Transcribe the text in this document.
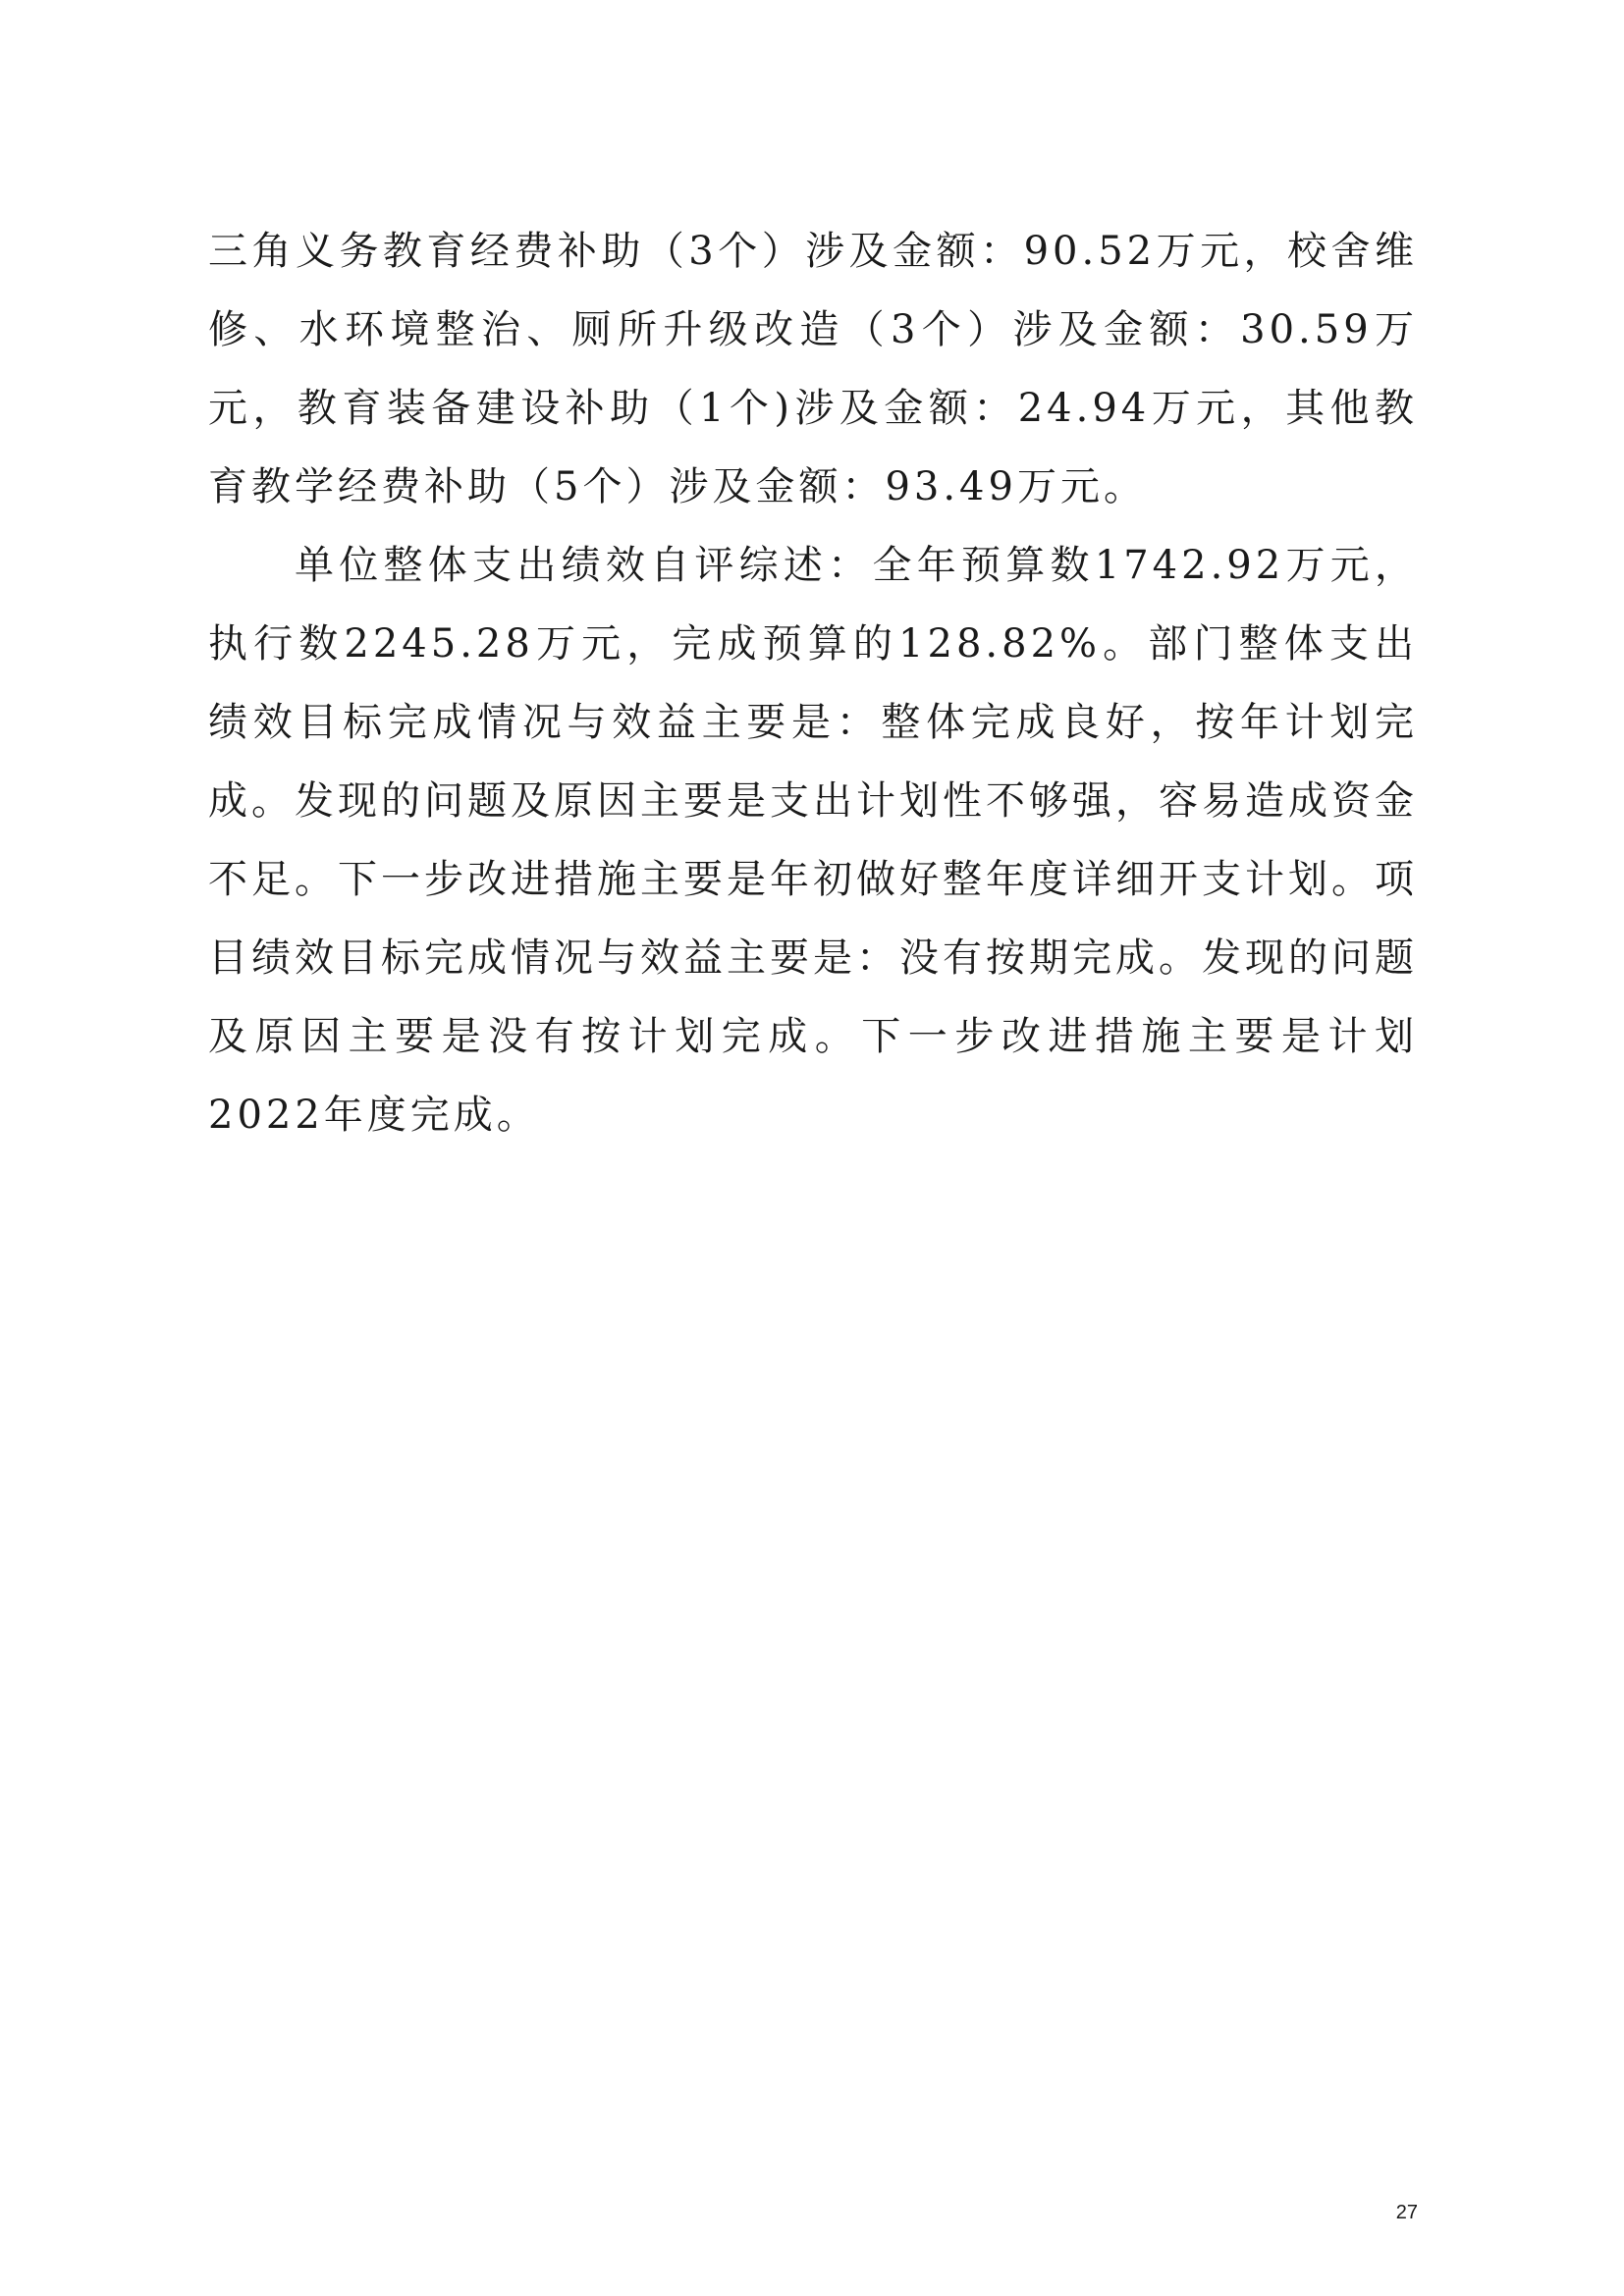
三角义务教育经费补助（3个）涉及金额：90.52万元，校舍维修、水环境整治、厕所升级改造（3个）涉及金额：30.59万元，教育装备建设补助（1个)涉及金额：24.94万元，其他教育教学经费补助（5个）涉及金额：93.49万元。

单位整体支出绩效自评综述：全年预算数1742.92万元，执行数2245.28万元，完成预算的128.82%。部门整体支出绩效目标完成情况与效益主要是：整体完成良好，按年计划完成。发现的问题及原因主要是支出计划性不够强，容易造成资金不足。下一步改进措施主要是年初做好整年度详细开支计划。项目绩效目标完成情况与效益主要是：没有按期完成。发现的问题及原因主要是没有按计划完成。下一步改进措施主要是计划2022年度完成。

27
